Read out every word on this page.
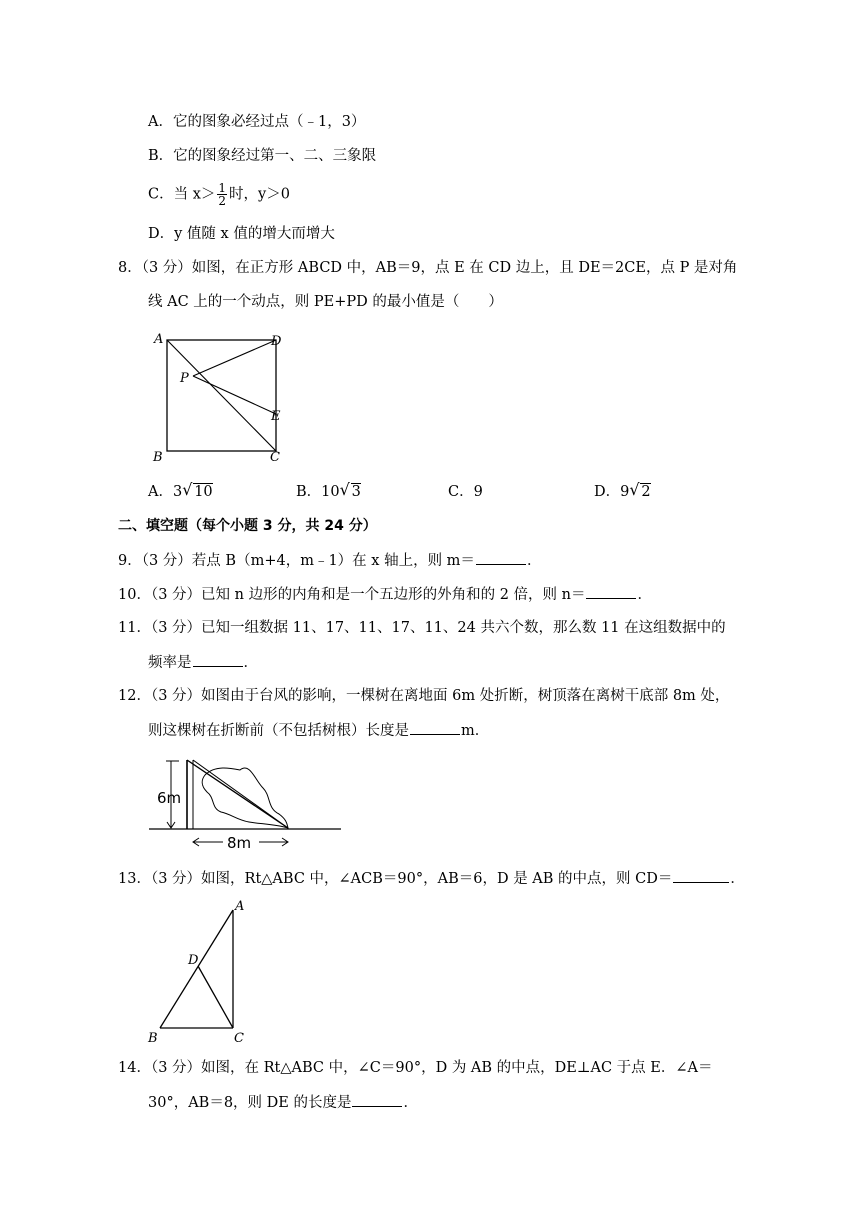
A．它的图象必经过点（﹣1，3）
B．它的图象经过第一、二、三象限
C．当 $x> \frac{1}{2}$ 时，y＞0
D．y 值随 x 值的增大而增大
8．（3 分）如图，在正方形 ABCD 中，AB＝9，点 E 在 CD 边上，且 DE＝2CE，点 P 是对角
线 AC 上的一个动点，则 PE+PD 的最小值是（　　）
A	D
P
E
B	C
A．3 √ 10	B．10 √ 3	C．9	D．9 √ 2
二、填空题（每个小题 3 分，共 24 分）
9．（3 分）若点 B（m+4，m﹣1）在 x 轴上，则 m＝	．
10．（3 分）已知 n 边形的内角和是一个五边形的外角和的 2 倍，则 n＝	．
11．（3 分）已知一组数据 11、17、11、17、11、24 共六个数，那么数 11 在这组数据中的
频率是	．
12．（3 分）如图由于台风的影响，一棵树在离地面 6m 处折断，树顶落在离树干底部 8m 处，
则这棵树在折断前（不包括树根）长度是	m．
6m
8m
13．（3 分）如图，Rt△ABC 中，∠ACB＝90°，AB＝6，D 是 AB 的中点，则 CD＝	．
A
D
B	C
14．（3 分）如图，在 Rt△ABC 中，∠C＝90°，D 为 AB 的中点，DE⊥AC 于点 E．∠A＝
30°，AB＝8，则 DE 的长度是	．
